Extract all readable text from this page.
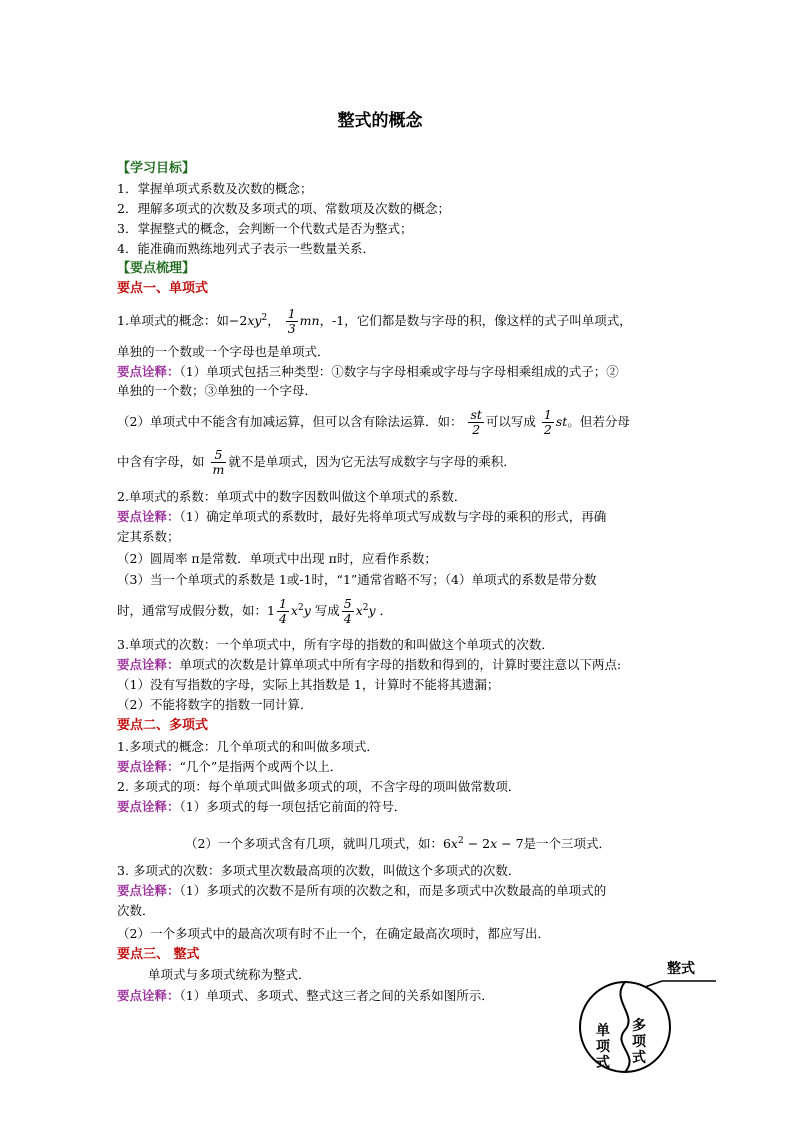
整式的概念
【学习目标】
1．掌握单项式系数及次数的概念；
2．理解多项式的次数及多项式的项、常数项及次数的概念；
3．掌握整式的概念，会判断一个代数式是否为整式；
4．能准确而熟练地列式子表示一些数量关系．
【要点梳理】
要点一、单项式
1.单项式的概念：如$-2xy^2$， $\frac{1}{3}$ mn，-1，它们都是数与字母的积，像这样的式子叫单项式，
单独的一个数或一个字母也是单项式．
要点诠释：（1）单项式包括三种类型：①数字与字母相乘或字母与字母相乘组成的式子；②
单独的一个数；③单独的一个字母．
（2）单项式中不能含有加减运算，但可以含有除法运算．如： $\frac{st}{2}$ 可以写成 $\frac{1}{2}$ st。但若分母
中含有字母，如 $\frac{5}{m}$ 就不是单项式，因为它无法写成数字与字母的乘积．
2.单项式的系数：单项式中的数字因数叫做这个单项式的系数．
要点诠释：（1）确定单项式的系数时，最好先将单项式写成数与字母的乘积的形式，再确
定其系数；
（2）圆周率 π是常数．单项式中出现 π时，应看作系数；
（3）当一个单项式的系数是 1或-1时，“1”通常省略不写；（4）单项式的系数是带分数
时，通常写成假分数，如：$1 \frac{1}{4} x^2y$ 写成 $\frac{5}{4} x^2y$ ．
3.单项式的次数：一个单项式中，所有字母的指数的和叫做这个单项式的次数．
要点诠释：单项式的次数是计算单项式中所有字母的指数和得到的，计算时要注意以下两点:
（1）没有写指数的字母，实际上其指数是 1，计算时不能将其遗漏；
（2）不能将数字的指数一同计算．
要点二、多项式
1.多项式的概念：几个单项式的和叫做多项式．
要点诠释：“几个”是指两个或两个以上．
2. 多项式的项：每个单项式叫做多项式的项，不含字母的项叫做常数项．
要点诠释：（1）多项式的每一项包括它前面的符号．
（2）一个多项式含有几项，就叫几项式，如：$6x^2 - 2x - 7$是一个三项式．
3. 多项式的次数：多项式里次数最高项的次数，叫做这个多项式的次数．
要点诠释：（1）多项式的次数不是所有项的次数之和，而是多项式中次数最高的单项式的
次数．
（2）一个多项式中的最高次项有时不止一个，在确定最高次项时，都应写出．
要点三、 整式
单项式与多项式统称为整式．
要点诠释：（1）单项式、多项式、整式这三者之间的关系如图所示．
整式
单
项
式
多
项
式
